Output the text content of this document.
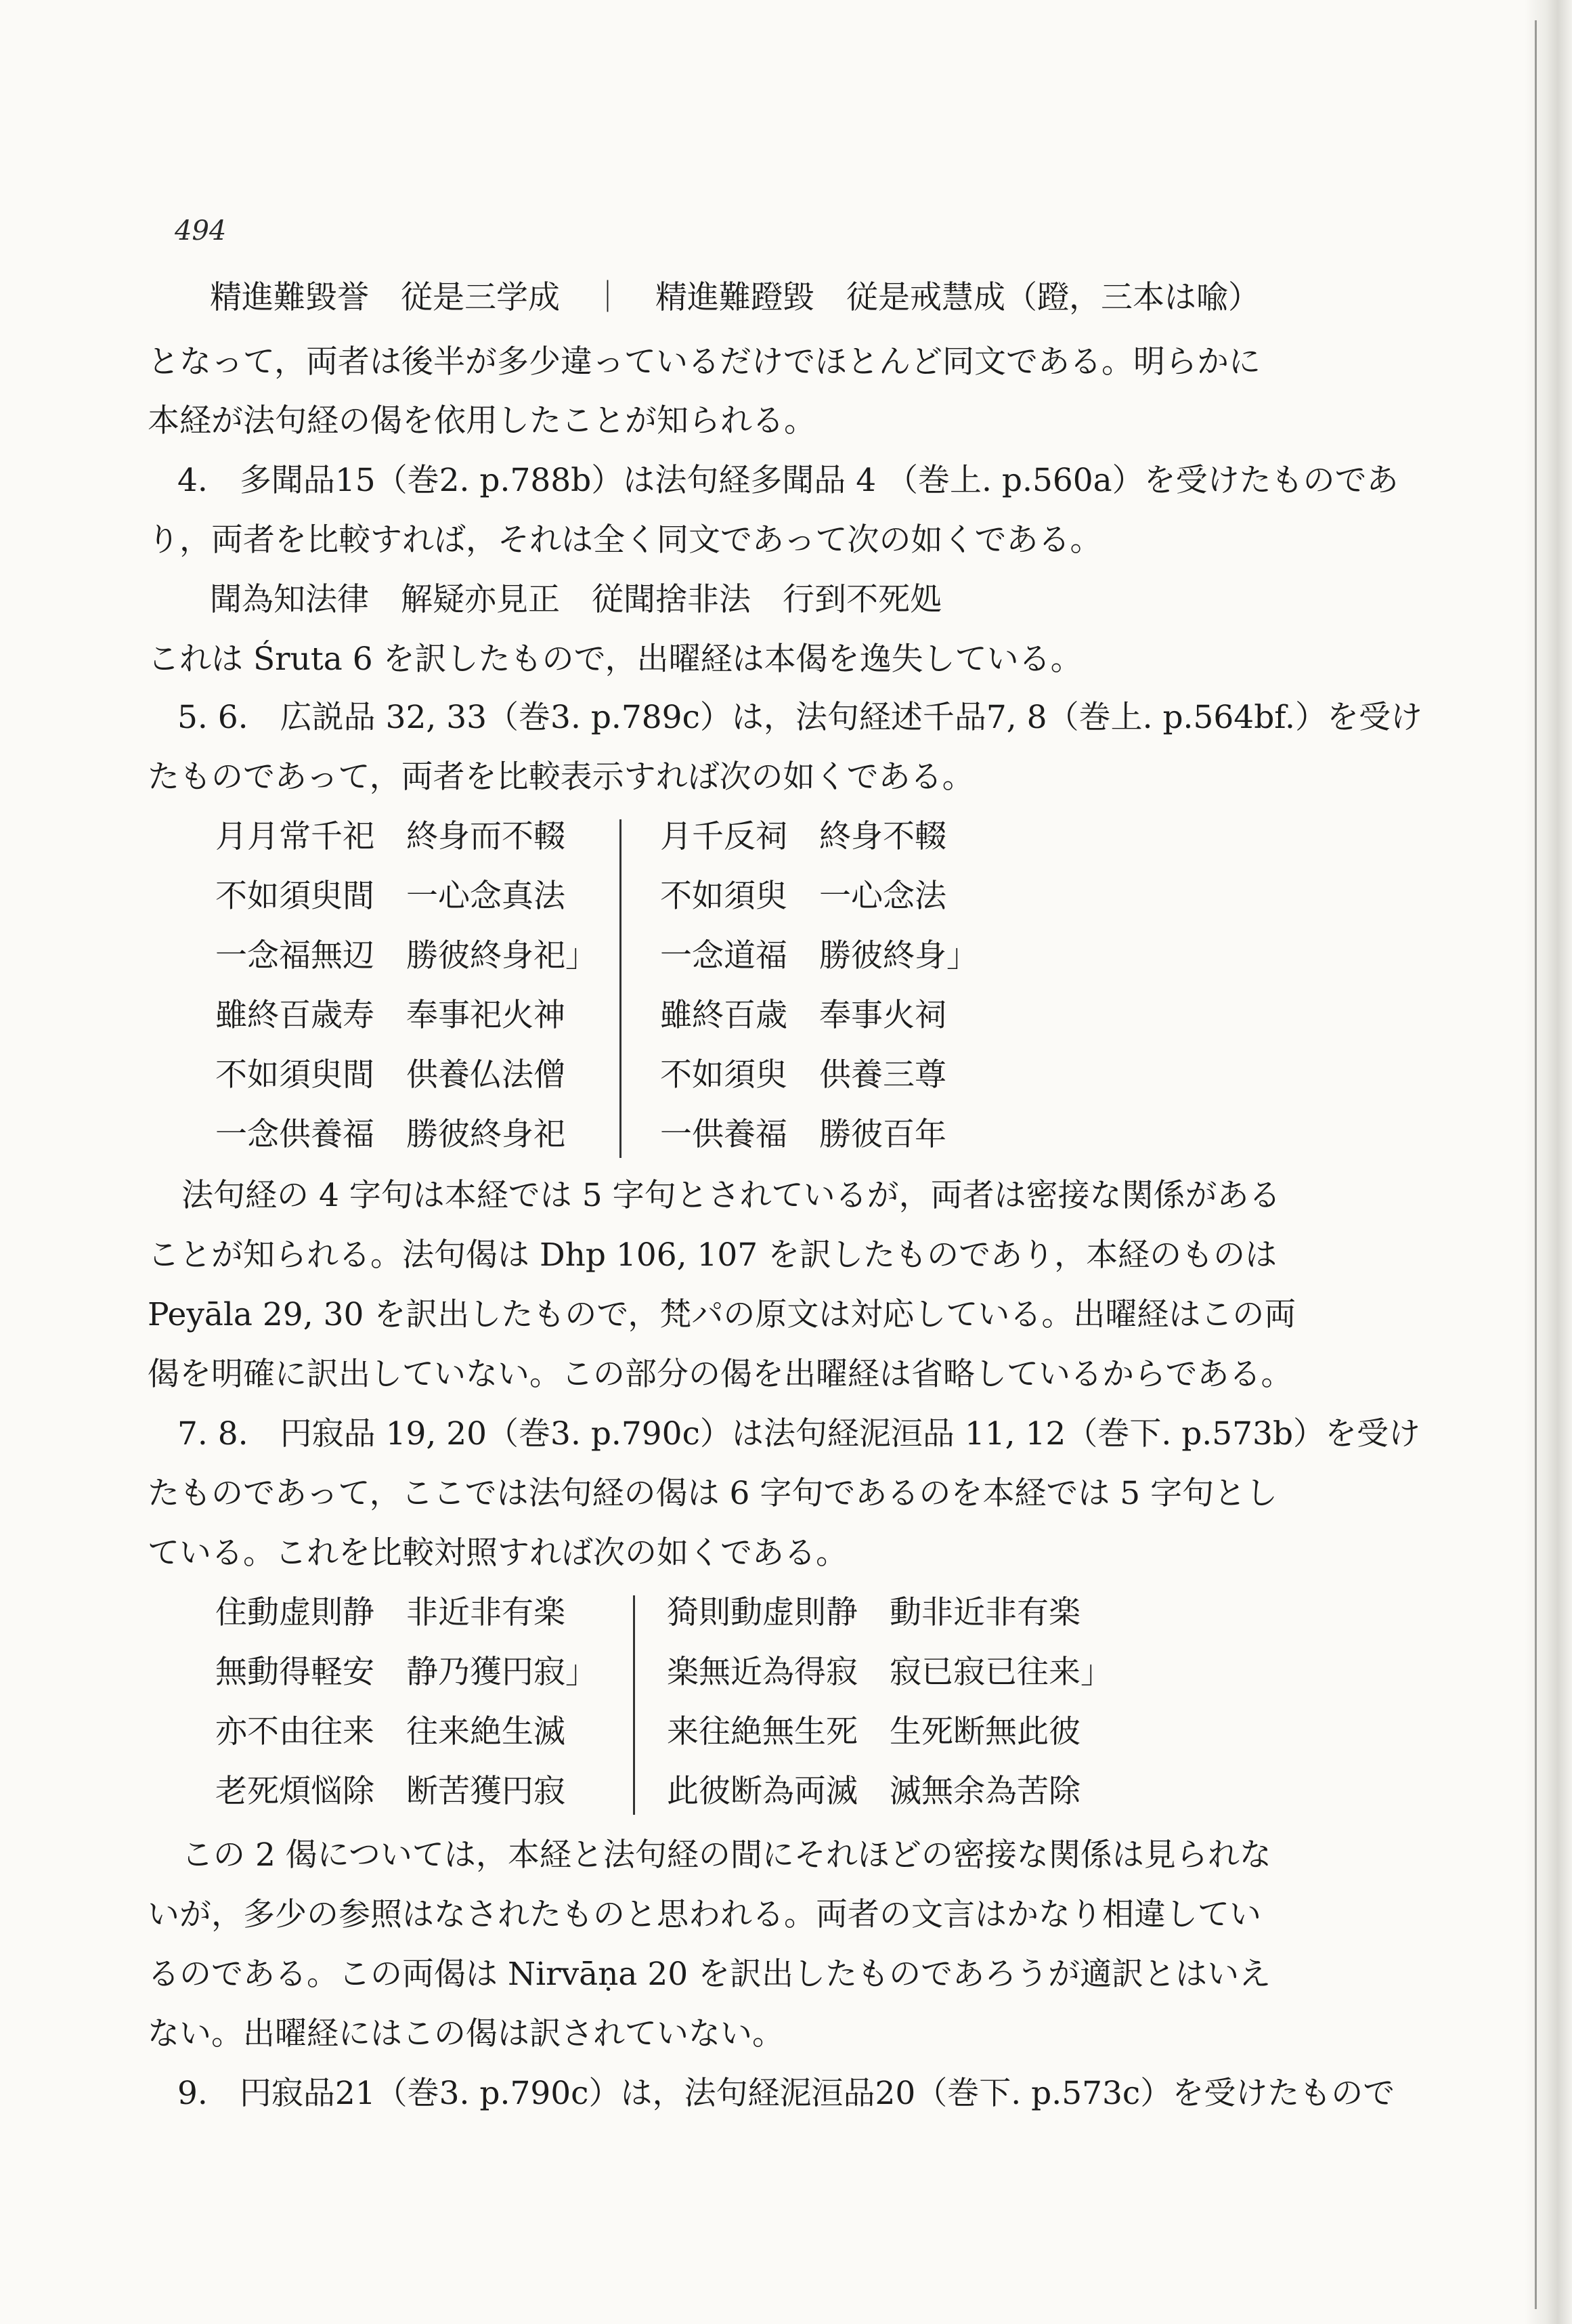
494
精進難毀誉　従是三学成　｜　精進難蹬毀　従是戒慧成（蹬，三本は喩）
となって，両者は後半が多少違っているだけでほとんど同文である。明らかに
本経が法句経の偈を依用したことが知られる。
4.　多聞品15（巻2. p.788b）は法句経多聞品 4 （巻上. p.560a）を受けたものであ
り，両者を比較すれば，それは全く同文であって次の如くである。
聞為知法律　解疑亦見正　従聞捨非法　行到不死処
これは Śruta 6 を訳したもので，出曜経は本偈を逸失している。
5. 6.　広説品 32, 33（巻3. p.789c）は，法句経述千品7, 8（巻上. p.564bf.）を受け
たものであって，両者を比較表示すれば次の如くである。
月月常千祀　終身而不輟
不如須臾間　一心念真法
一念福無辺　勝彼終身祀」
雖終百歳寿　奉事祀火神
不如須臾間　供養仏法僧
一念供養福　勝彼終身祀
月千反祠　終身不輟
不如須臾　一心念法
一念道福　勝彼終身」
雖終百歳　奉事火祠
不如須臾　供養三尊
一供養福　勝彼百年
法句経の 4 字句は本経では 5 字句とされているが，両者は密接な関係がある
ことが知られる。法句偈は Dhp 106, 107 を訳したものであり，本経のものは
Peyāla 29, 30 を訳出したもので，梵パの原文は対応している。出曜経はこの両
偈を明確に訳出していない。この部分の偈を出曜経は省略しているからである。
7. 8.　円寂品 19, 20（巻3. p.790c）は法句経泥洹品 11, 12（巻下. p.573b）を受け
たものであって，ここでは法句経の偈は 6 字句であるのを本経では 5 字句とし
ている。これを比較対照すれば次の如くである。
住動虚則静　非近非有楽
無動得軽安　静乃獲円寂」
亦不由往来　往来絶生滅
老死煩悩除　断苦獲円寂
猗則動虚則静　動非近非有楽
楽無近為得寂　寂已寂已往来」
来往絶無生死　生死断無此彼
此彼断為両滅　滅無余為苦除
この 2 偈については，本経と法句経の間にそれほどの密接な関係は見られな
いが，多少の参照はなされたものと思われる。両者の文言はかなり相違してい
るのである。この両偈は Nirvāṇa 20 を訳出したものであろうが適訳とはいえ
ない。出曜経にはこの偈は訳されていない。
9.　円寂品21（巻3. p.790c）は，法句経泥洹品20（巻下. p.573c）を受けたもので
